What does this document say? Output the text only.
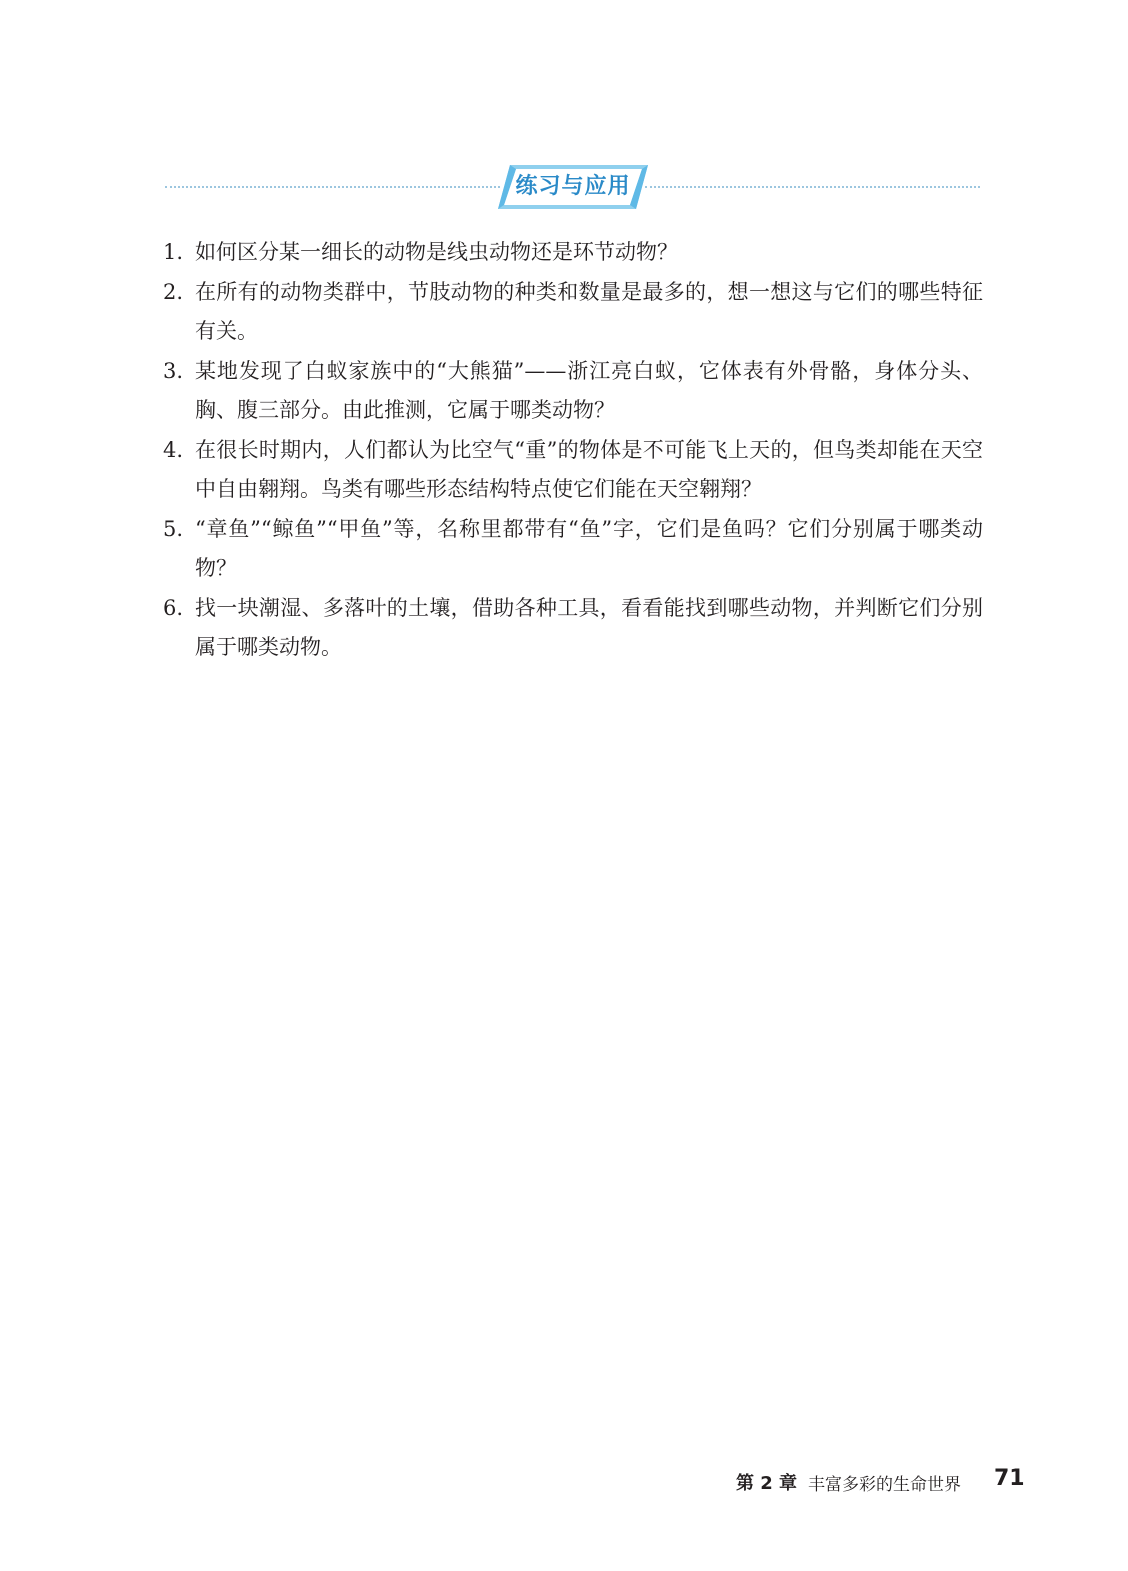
练习与应用
1. 如何区分某一细长的动物是线虫动物还是环节动物？
2. 在所有的动物类群中，节肢动物的种类和数量是最多的，想一想这与它们的哪些特征有关。
3. 某地发现了白蚁家族中的“大熊猫”——浙江亮白蚁，它体表有外骨骼，身体分头、胸、腹三部分。由此推测，它属于哪类动物？
4. 在很长时期内，人们都认为比空气“重”的物体是不可能飞上天的，但鸟类却能在天空中自由翱翔。鸟类有哪些形态结构特点使它们能在天空翱翔？
5. “章鱼”“鲸鱼”“甲鱼”等，名称里都带有“鱼”字，它们是鱼吗？它们分别属于哪类动物？
6. 找一块潮湿、多落叶的土壤，借助各种工具，看看能找到哪些动物，并判断它们分别属于哪类动物。
第 2 章 丰富多彩的生命世界 71
